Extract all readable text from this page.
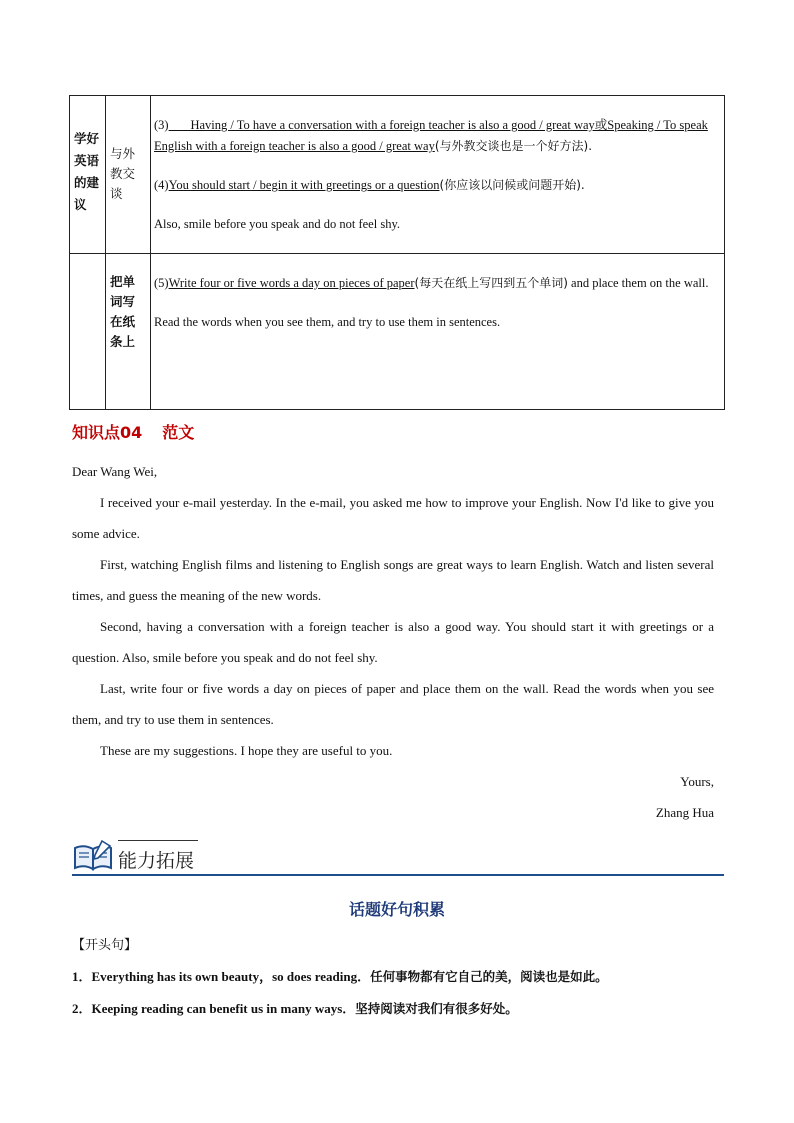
学好英语的建议	与外教交谈	(3) Having / To have a conversation with a foreign teacher is also a good / great way或Speaking / To speak English with a foreign teacher is also a good / great way(与外教交谈也是一个好方法).

(4)You should start / begin it with greetings or a question(你应该以问候或问题开始).

Also, smile before you speak and do not feel shy.

	把单词写在纸条上	(5)Write four or five words a day on pieces of paper(每天在纸上写四到五个单词) and place them on the wall.

Read the words when you see them, and try to use them in sentences.

知识点04 范文

Dear Wang Wei,

I received your e-mail yesterday. In the e-mail, you asked me how to improve your English. Now I'd like to give you some advice.

First, watching English films and listening to English songs are great ways to learn English. Watch and listen several times, and guess the meaning of the new words.

Second, having a conversation with a foreign teacher is also a good way. You should start it with greetings or a question. Also, smile before you speak and do not feel shy.

Last, write four or five words a day on pieces of paper and place them on the wall. Read the words when you see them, and try to use them in sentences.

These are my suggestions. I hope they are useful to you.

Yours,

Zhang Hua

能力拓展
话题好句积累
【开头句】
1．Everything has its own beauty，so does reading．任何事物都有它自己的美，阅读也是如此。
2．Keeping reading can benefit us in many ways．坚持阅读对我们有很多好处。
